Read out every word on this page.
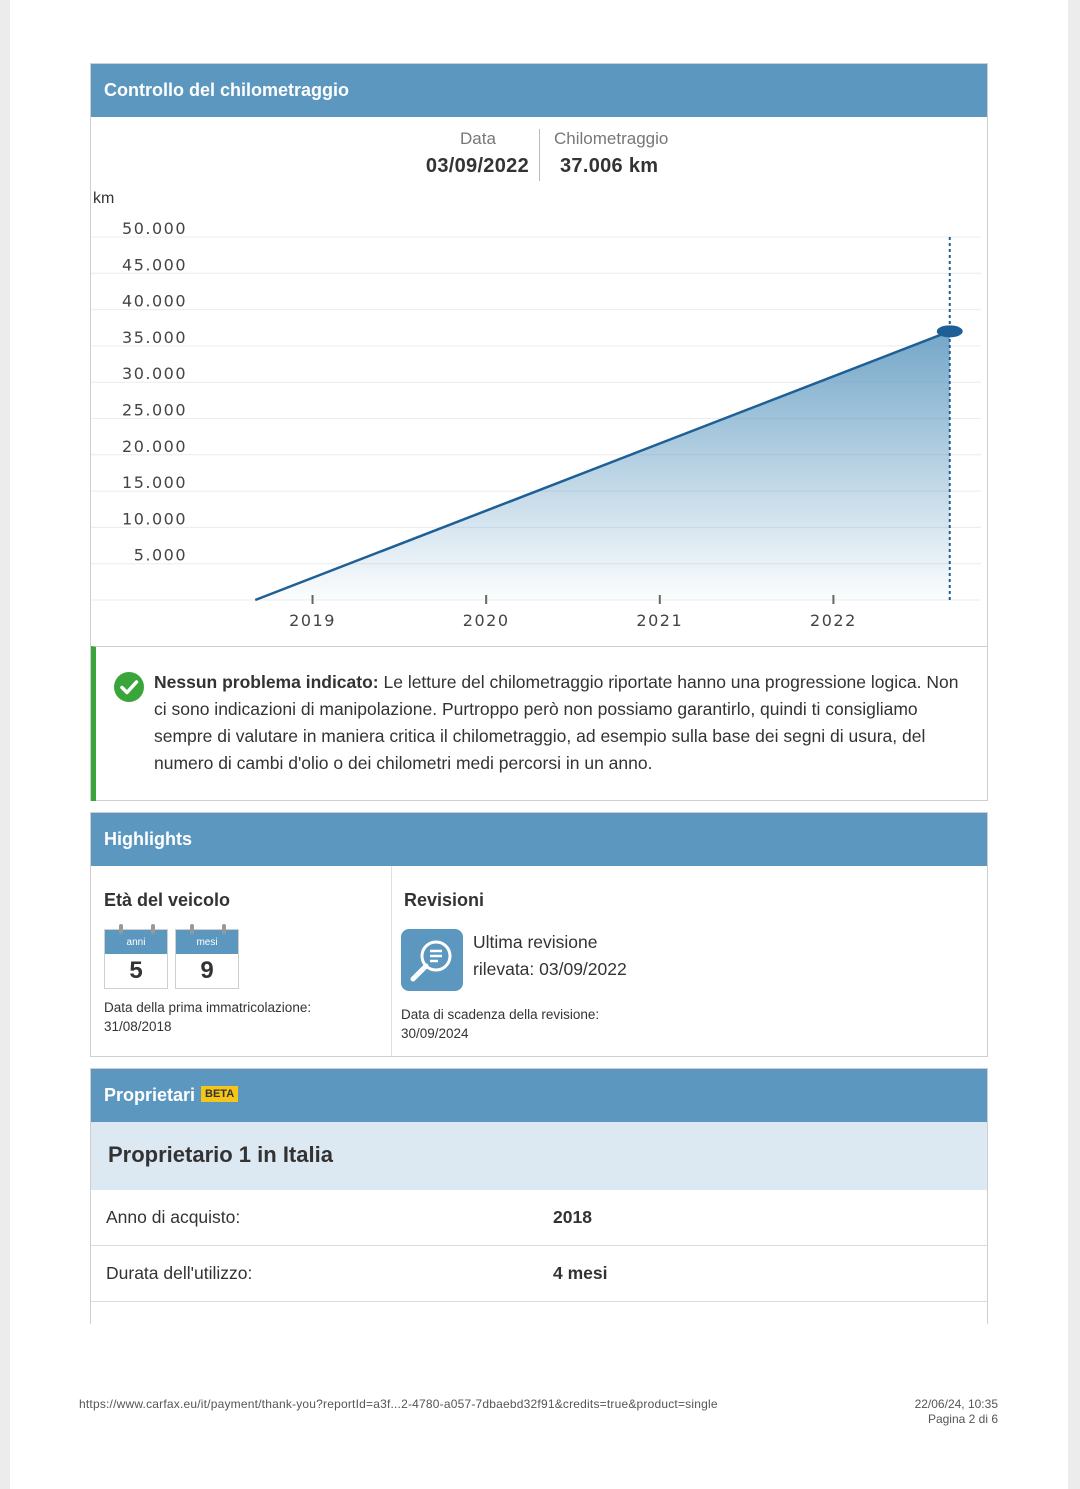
Controllo del chilometraggio
Data
03/09/2022
Chilometraggio
37.006 km
km
5.000
10.000
15.000
20.000
25.000
30.000
35.000
40.000
45.000
50.000
2019	2020	2021	2022

Nessun problema indicato: Le letture del chilometraggio riportate hanno una progressione logica. Non ci sono indicazioni di manipolazione. Purtroppo però non possiamo garantirlo, quindi ti consigliamo sempre di valutare in maniera critica il chilometraggio, ad esempio sulla base dei segni di usura, del numero di cambi d'olio o dei chilometri medi percorsi in un anno.

Highlights
Età del veicolo
anni
5
mesi
9
Data della prima immatricolazione:
31/08/2018
Revisioni
Ultima revisione
rilevata: 03/09/2022
Data di scadenza della revisione:
30/09/2024
Proprietari BETA
Proprietario 1 in Italia
Anno di acquisto:	2018
Durata dell'utilizzo:	4 mesi
https://www.carfax.eu/it/payment/thank-you?reportId=a3f...2-4780-a057-7dbaebd32f91&credits=true&product=single	22/06/24, 10:35
Pagina 2 di 6
